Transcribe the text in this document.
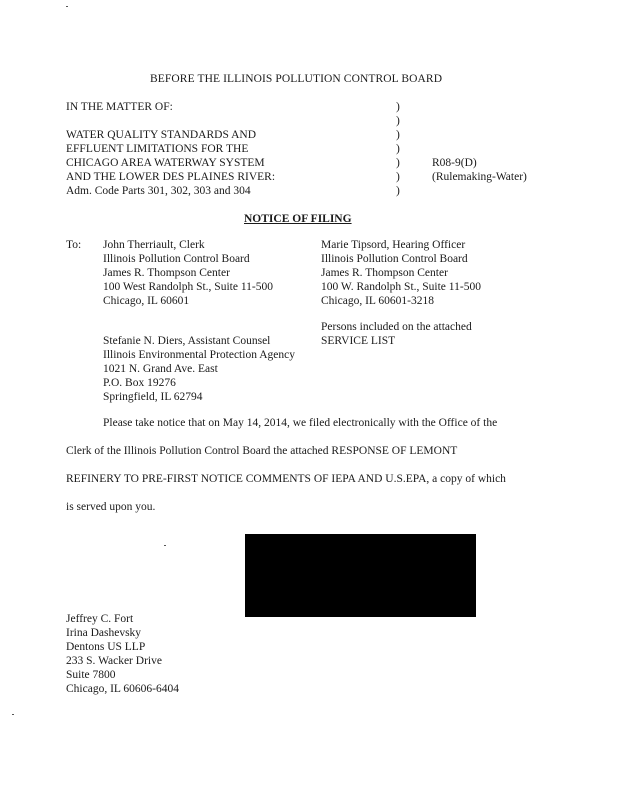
BEFORE THE ILLINOIS POLLUTION CONTROL BOARD
IN THE MATTER OF:
WATER QUALITY STANDARDS AND
EFFLUENT LIMITATIONS FOR THE
CHICAGO AREA WATERWAY SYSTEM
AND THE LOWER DES PLAINES RIVER:
Adm. Code Parts 301, 302, 303 and 304
)
)
)
)
)
)
)
R08-9(D)
(Rulemaking-Water)
NOTICE OF FILING
To: John Therriault, Clerk
Illinois Pollution Control Board
James R. Thompson Center
100 West Randolph St., Suite 11-500
Chicago, IL 60601
Stefanie N. Diers, Assistant Counsel
Illinois Environmental Protection Agency
1021 N. Grand Ave. East
P.O. Box 19276
Springfield, IL 62794
Marie Tipsord, Hearing Officer
Illinois Pollution Control Board
James R. Thompson Center
100 W. Randolph St., Suite 11-500
Chicago, IL 60601-3218
Persons included on the attached
SERVICE LIST
Please take notice that on May 14, 2014, we filed electronically with the Office of the
Clerk of the Illinois Pollution Control Board the attached RESPONSE OF LEMONT
REFINERY TO PRE-FIRST NOTICE COMMENTS OF IEPA AND U.S.EPA, a copy of which
is served upon you.
Jeffrey C. Fort
Irina Dashevsky
Dentons US LLP
233 S. Wacker Drive
Suite 7800
Chicago, IL 60606-6404
